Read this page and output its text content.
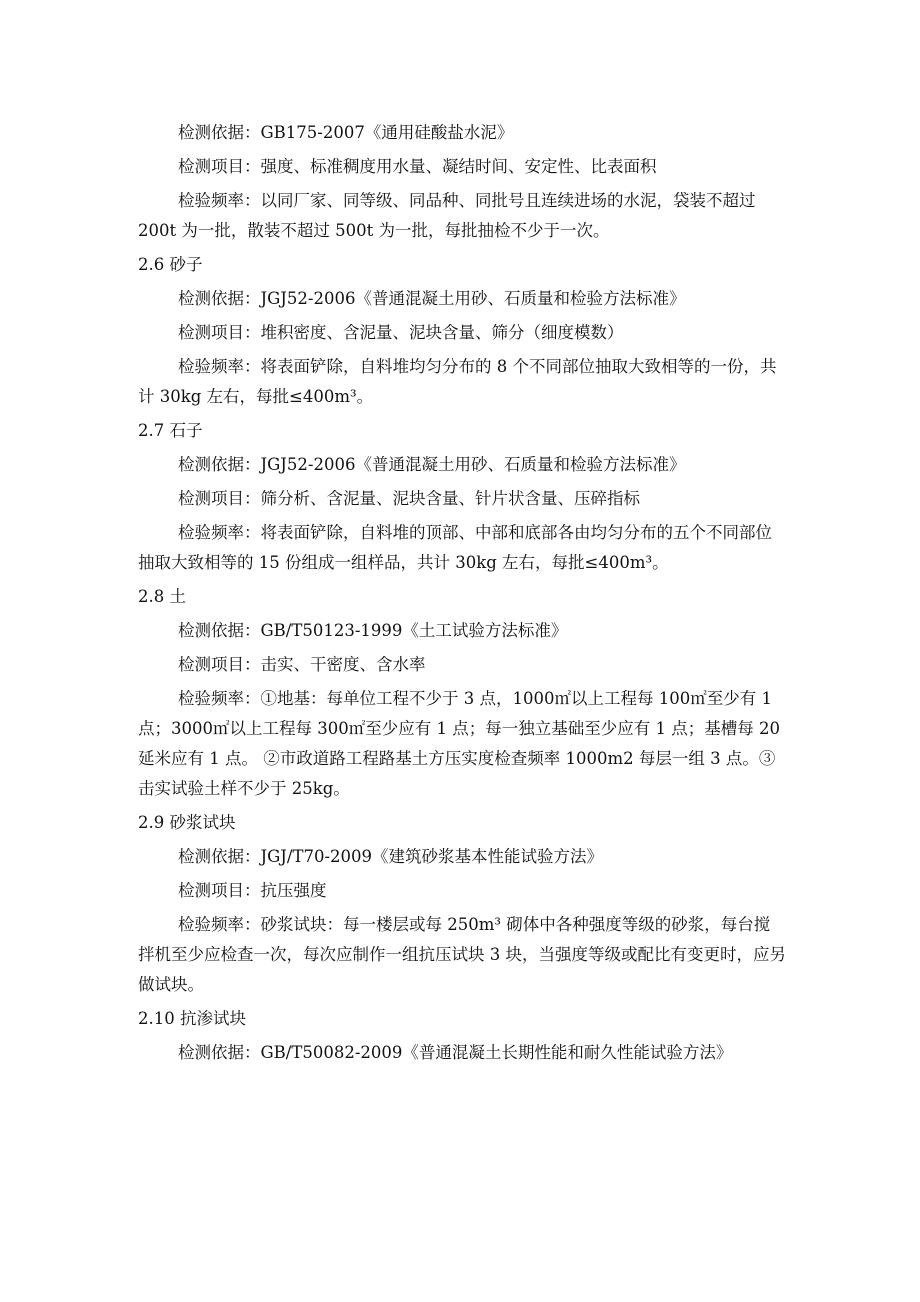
检测依据：GB175-2007《通用硅酸盐水泥》

检测项目：强度、标准稠度用水量、凝结时间、安定性、比表面积

检验频率：以同厂家、同等级、同品种、同批号且连续进场的水泥，袋装不超过 200t 为一批，散装不超过 500t 为一批，每批抽检不少于一次。

2.6 砂子

检测依据：JGJ52-2006《普通混凝土用砂、石质量和检验方法标准》

检测项目：堆积密度、含泥量、泥块含量、筛分（细度模数）

检验频率：将表面铲除，自料堆均匀分布的 8 个不同部位抽取大致相等的一份，共计 30kg 左右，每批≤400m³。

2.7 石子

检测依据：JGJ52-2006《普通混凝土用砂、石质量和检验方法标准》

检测项目：筛分析、含泥量、泥块含量、针片状含量、压碎指标

检验频率：将表面铲除，自料堆的顶部、中部和底部各由均匀分布的五个不同部位抽取大致相等的 15 份组成一组样品，共计 30kg 左右，每批≤400m³。

2.8 土

检测依据：GB/T50123-1999《土工试验方法标准》

检测项目：击实、干密度、含水率

检验频率：①地基：每单位工程不少于 3 点，1000㎡以上工程每 100㎡至少有 1 点；3000㎡以上工程每 300㎡至少应有 1 点；每一独立基础至少应有 1 点；基槽每 20 延米应有 1 点。 ②市政道路工程路基土方压实度检查频率 1000m2 每层一组 3 点。③击实试验土样不少于 25kg。

2.9 砂浆试块

检测依据：JGJ/T70-2009《建筑砂浆基本性能试验方法》

检测项目：抗压强度

检验频率：砂浆试块：每一楼层或每 250m³ 砌体中各种强度等级的砂浆，每台搅拌机至少应检查一次，每次应制作一组抗压试块 3 块，当强度等级或配比有变更时，应另做试块。

2.10 抗渗试块

检测依据：GB/T50082-2009《普通混凝土长期性能和耐久性能试验方法》
